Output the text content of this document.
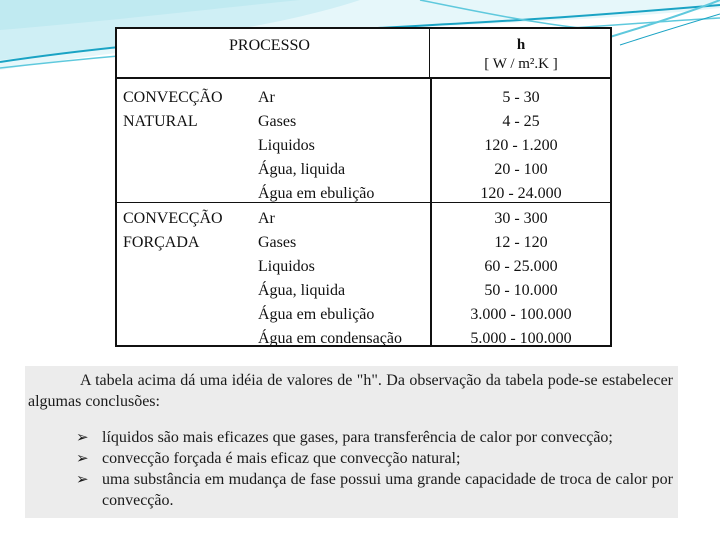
PROCESSO	h
[ W / m².K ]
CONVECÇÃO
NATURAL
Ar	5 - 30
Gases	4 - 25
Liquidos	120 - 1.200
Água, liquida	20 - 100
Água em ebulição	120 - 24.000
CONVECÇÃO
FORÇADA
Ar	30 - 300
Gases	12 - 120
Liquidos	60 - 25.000
Água, liquida	50 - 10.000
Água em ebulição	3.000 - 100.000
Água em condensação	5.000 - 100.000
A tabela acima dá uma idéia de valores de "h". Da observação da tabela pode-se estabelecer algumas conclusões:
➢ líquidos são mais eficazes que gases, para transferência de calor por convecção;
➢ convecção forçada é mais eficaz que convecção natural;
➢ uma substância em mudança de fase possui uma grande capacidade de troca de calor por convecção.
